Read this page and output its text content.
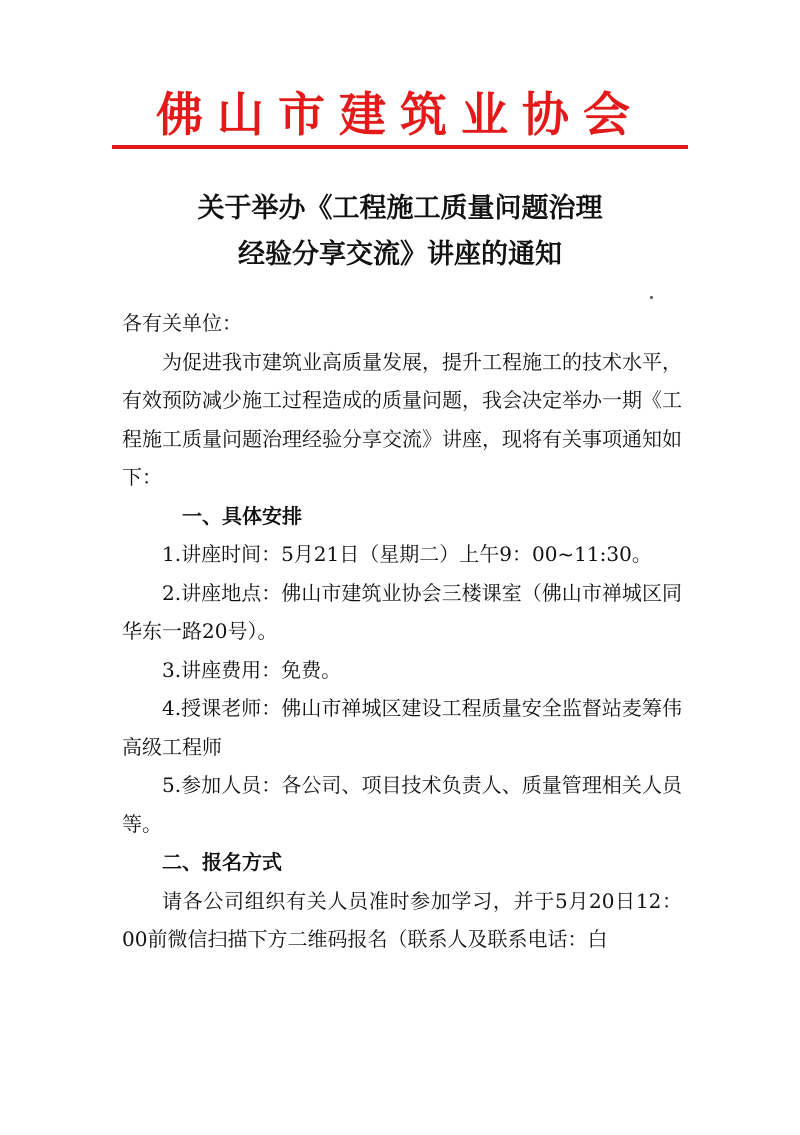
佛山市建筑业协会
关于举办《工程施工质量问题治理
经验分享交流》讲座的通知

各有关单位：

为促进我市建筑业高质量发展，提升工程施工的技术水平，有效预防减少施工过程造成的质量问题，我会决定举办一期《工程施工质量问题治理经验分享交流》讲座，现将有关事项通知如下：

一、具体安排

1.讲座时间：5月21日（星期二）上午9：00~11:30。

2.讲座地点：佛山市建筑业协会三楼课室（佛山市禅城区同华东一路20号）。

3.讲座费用：免费。

4.授课老师：佛山市禅城区建设工程质量安全监督站麦筹伟 高级工程师

5.参加人员：各公司、项目技术负责人、质量管理相关人员等。

二、报名方式

请各公司组织有关人员准时参加学习，并于5月20日12：00前微信扫描下方二维码报名（联系人及联系电话：白
